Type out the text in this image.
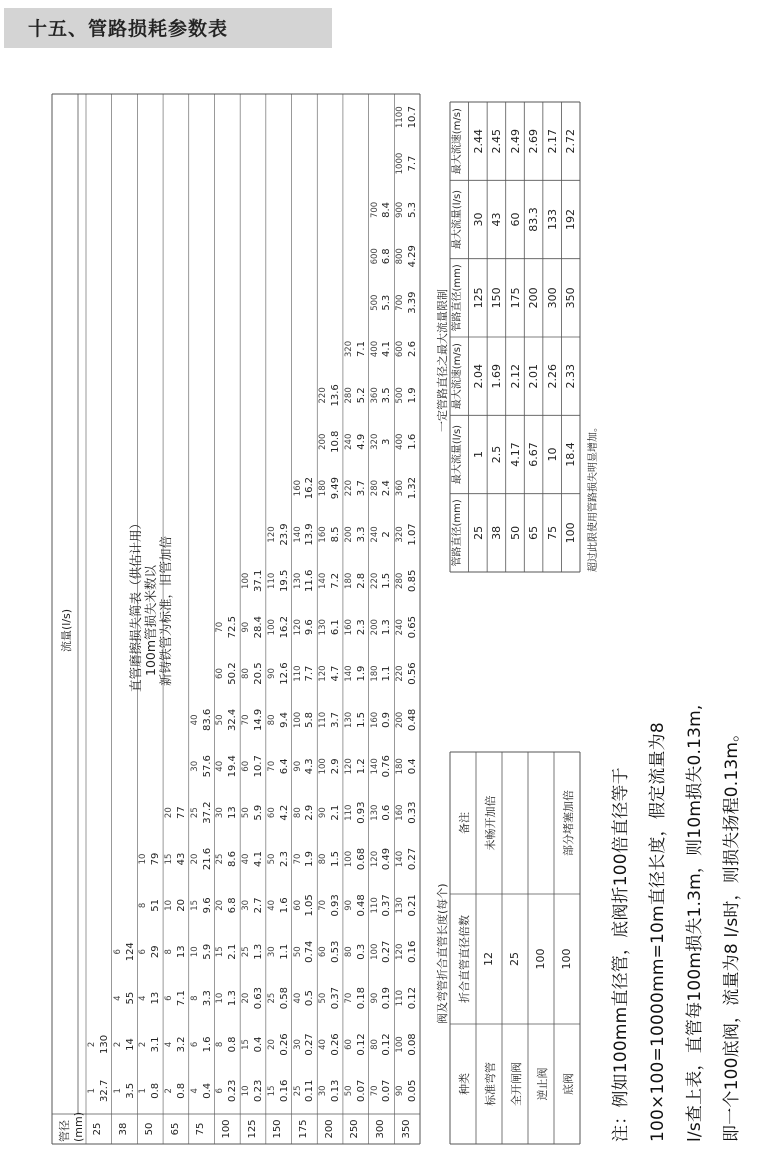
十五、管路损耗参数表
管径 (mm)
流量(l/s)
25
1 32.7
2 130
38
1 3.5
2 14
4 55
6 124
50
1 0.8
2 3.1
4 13
6 29
8 51
10 79
65
2 0.8
4 3.2
6 7.1
8 13
10 20
15 43
20 77
75
4 0.4
6 1.6
8 3.3
10 5.9
15 9.6
20 21.6
25 37.2
30 57.6
40 83.6
100
6 0.23
8 0.8
10 1.3
15 2.1
20 6.8
25 8.6
30 13
40 19.4
50 32.4
60 50.2
70 72.5
125
10 0.23
15 0.4
20 0.63
25 1.3
30 2.7
40 4.1
50 5.9
60 10.7
70 14.9
80 20.5
90 28.4
100 37.1
150
15 0.16
20 0.26
25 0.58
30 1.1
40 1.6
50 2.3
60 4.2
70 6.4
80 9.4
90 12.6
100 16.2
110 19.5
120 23.9
175
25 0.11
30 0.27
40 0.5
50 0.74
60 1.05
70 1.9
80 2.9
90 4.3
100 5.8
110 7.7
120 9.6
130 11.6
140 13.9
160 16.2
200
30 0.13
40 0.26
50 0.37
60 0.53
70 0.93
80 1.5
90 2.1
100 2.9
110 3.7
120 4.7
130 6.1
140 7.2
160 8.5
180 9.49
200 10.8
220 13.6
250
50 0.07
60 0.12
70 0.18
80 0.3
90 0.48
100 0.68
110 0.93
120 1.2
130 1.5
140 1.9
160 2.3
180 2.8
200 3.3
220 3.7
240 4.9
280 5.2
320 7.1
300
70 0.07
80 0.12
90 0.19
100 0.27
110 0.37
120 0.49
130 0.6
140 0.76
160 0.9
180 1.1
200 1.3
220 1.5
240 2
280 2.4
320 3
360 3.5
400 4.1
500 5.3
600 6.8
700 8.4
350
90 0.05
100 0.08
110 0.12
120 0.16
130 0.21
140 0.27
160 0.33
180 0.4
200 0.48
220 0.56
240 0.65
280 0.85
320 1.07
360 1.32
400 1.6
500 1.9
600 2.6
700 3.39
800 4.29
900 5.3
1000 7.7
1100 10.7
直管磨擦损失简表（供估计用） 100m管损失米数以 新铸铁管为标准，旧管加倍
阀及弯管折合直管长度(每个)
种类
折合直管直径倍数
备注
标准弯管
12
未畅开加倍
全开闸阀
25
逆止阀
100
底阀
100
部分堵塞加倍
一定管路直径之最大流量限制
管路直径(mm)
最大流量(l/s)
最大流速(m/s)
管路直径(mm)
最大流量(l/s)
最大流速(m/s)
25
1
2.04
125
30
2.44
38
2.5
1.69
150
43
2.45
50
4.17
2.12
175
60
2.49
65
6.67
2.01
200
83.3
2.69
75
10
2.26
300
133
2.17
100
18.4
2.33
350
192
2.72
超过此限使用管路损失明显增加。
注：例如100mm直径管，底阀折100倍直径等于 100×100=10000mm=10m直径长度，假定流量为8 l/s查上表，直管每100m损失1.3m，则10m损失0.13m, 即一个100底阀，流量为8 l/s时，则损失扬程0.13m。
